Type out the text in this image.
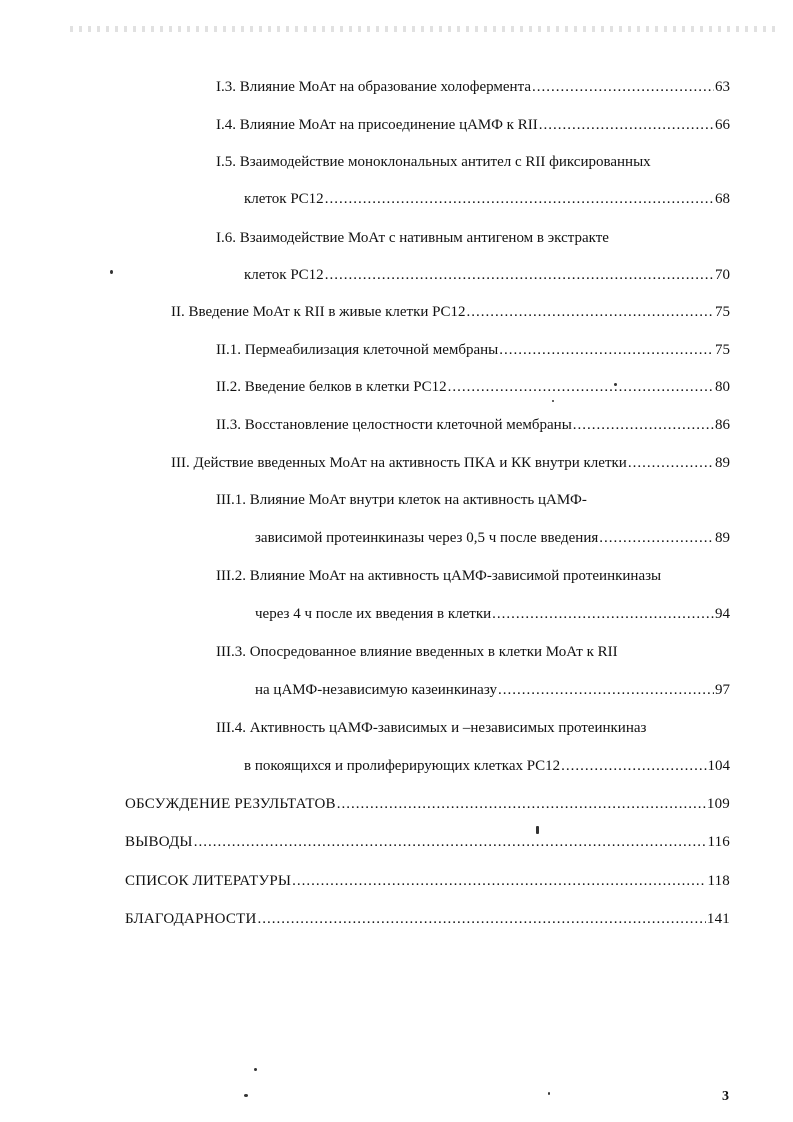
I.3. Влияние МоАт на образование холофермента .....	63
I.4. Влияние МоАт на присоединение цАМФ к RII .....	66
I.5. Взаимодействие моноклональных антител с RII фиксированных
клеток PC12 .....	68
I.6. Взаимодействие МоАт с нативным антигеном в экстракте
клеток PC12 .....	70
II. Введение МоАт к RII в живые клетки PC12 .....	75
II.1. Пермеабилизация клеточной мембраны .....	75
II.2. Введение белков в клетки PC12 .....	80
II.3. Восстановление целостности клеточной мембраны .....	86
III. Действие введенных МоАт на активность ПКА и КК внутри клетки .....	89
III.1. Влияние МоАт внутри клеток на активность цАМФ-
зависимой протеинкиназы через 0,5 ч после введения .....	89
III.2. Влияние МоАт на активность цАМФ-зависимой протеинкиназы
через 4 ч после их введения в клетки .....	94
III.3. Опосредованное влияние введенных в клетки МоАт к RII
на цАМФ-независимую казеинкиназу .....	97
III.4. Активность цАМФ-зависимых и –независимых протеинкиназ
в покоящихся и пролиферирующих клетках PC12 .....	104
ОБСУЖДЕНИЕ РЕЗУЛЬТАТОВ .....	109
ВЫВОДЫ .....	116
СПИСОК ЛИТЕРАТУРЫ .....	118
БЛАГОДАРНОСТИ .....	141
3
